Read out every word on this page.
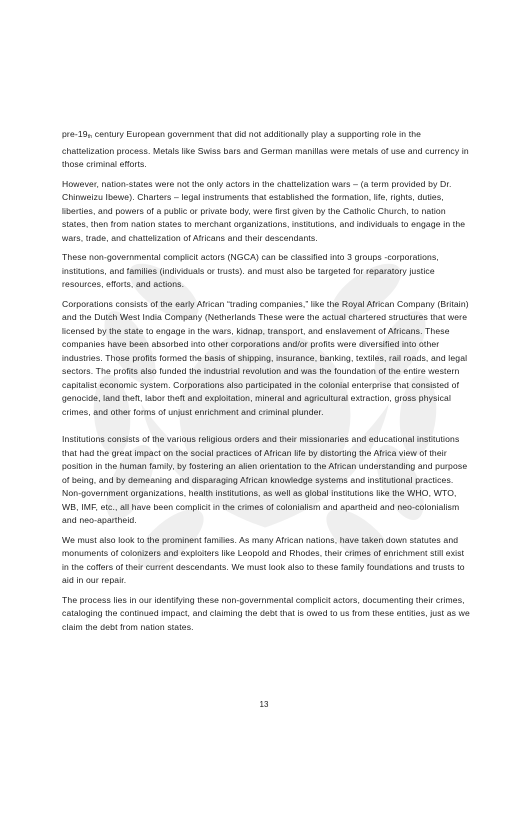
pre-$19_{th}$ century European government that did not additionally play a supporting role in the chattelization process. Metals like Swiss bars and German manillas were metals of use and currency in those criminal efforts.

However, nation-states were not the only actors in the chattelization wars – (a term provided by Dr. Chinweizu Ibewe). Charters – legal instruments that established the formation, life, rights, duties, liberties, and powers of a public or private body, were first given by the Catholic Church, to nation states, then from nation states to merchant organizations, institutions, and individuals to engage in the wars, trade, and chattelization of Africans and their descendants.

These non-governmental complicit actors (NGCA) can be classified into 3 groups -corporations, institutions, and families (individuals or trusts). and must also be targeted for reparatory justice resources, efforts, and actions.

Corporations consists of the early African “trading companies,” like the Royal African Company (Britain) and the Dutch West India Company (Netherlands These were the actual chartered structures that were licensed by the state to engage in the wars, kidnap, transport, and enslavement of Africans. These companies have been absorbed into other corporations and/or profits were diversified into other industries. Those profits formed the basis of shipping, insurance, banking, textiles, rail roads, and legal sectors. The profits also funded the industrial revolution and was the foundation of the entire western capitalist economic system. Corporations also participated in the colonial enterprise that consisted of genocide, land theft, labor theft and exploitation, mineral and agricultural extraction, gross physical crimes, and other forms of unjust enrichment and criminal plunder.

Institutions consists of the various religious orders and their missionaries and educational institutions that had the great impact on the social practices of African life by distorting the Africa view of their position in the human family, by fostering an alien orientation to the African understanding and purpose of being, and by demeaning and disparaging African knowledge systems and institutional practices. Non-government organizations, health institutions, as well as global institutions like the WHO, WTO, WB, IMF, etc., all have been complicit in the crimes of colonialism and apartheid and neo-colonialism and neo-apartheid.

We must also look to the prominent families. As many African nations, have taken down statutes and monuments of colonizers and exploiters like Leopold and Rhodes, their crimes of enrichment still exist in the coffers of their current descendants. We must look also to these family foundations and trusts to aid in our repair.

The process lies in our identifying these non-governmental complicit actors, documenting their crimes, cataloging the continued impact, and claiming the debt that is owed to us from these entities, just as we claim the debt from nation states.

13
